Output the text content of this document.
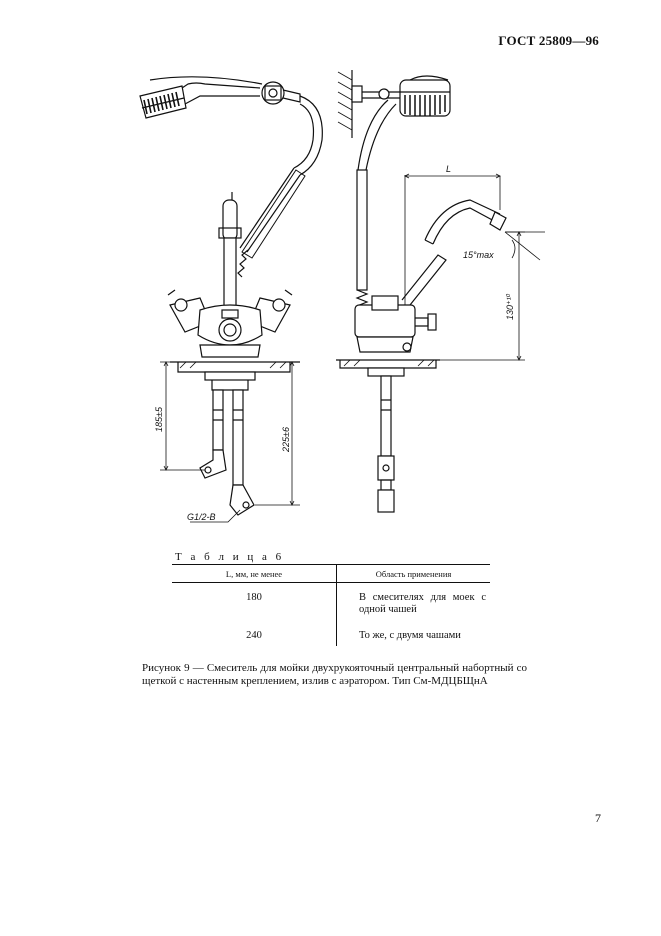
ГОСТ 25809—96
185±5
225±6
G1/2-B
L
15°max
130⁺¹⁰
Т а б л и ц а 6
L, мм, не менее	Область применения
180	В смесителях для моек с одной чашей
240	То же, с двумя чашами
Рисунок 9 — Смеситель для мойки двухрукояточный центральный набортный со щеткой с настенным креплением, излив с аэратором. Тип См-МДЦБЩнА
7
